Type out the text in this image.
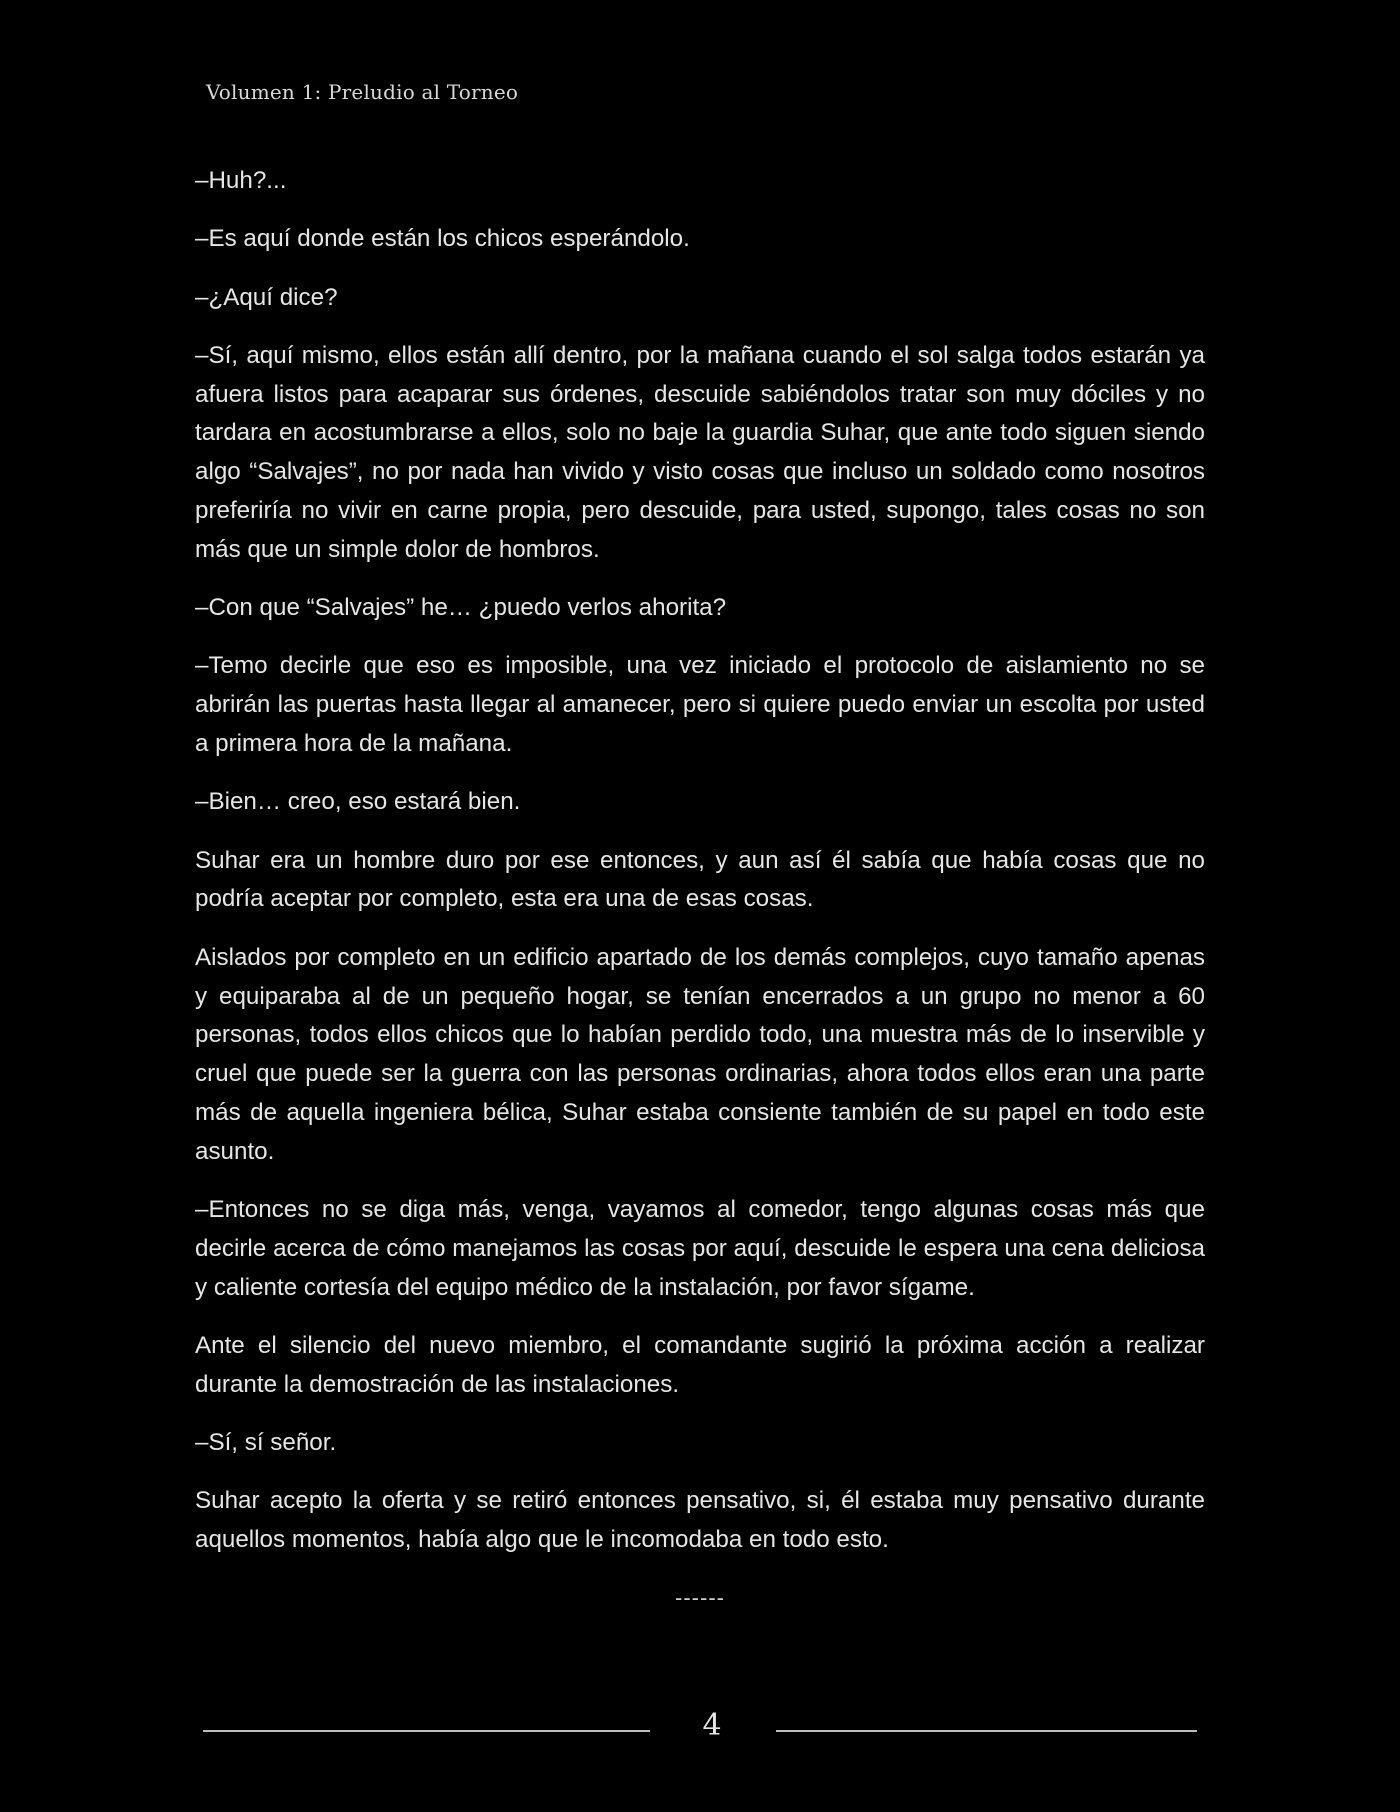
Volumen 1: Preludio al Torneo

–Huh?...

–Es aquí donde están los chicos esperándolo.

–¿Aquí dice?

–Sí, aquí mismo, ellos están allí dentro, por la mañana cuando el sol salga todos estarán ya afuera listos para acaparar sus órdenes, descuide sabiéndolos tratar son muy dóciles y no tardara en acostumbrarse a ellos, solo no baje la guardia Suhar, que ante todo siguen siendo algo “Salvajes”, no por nada han vivido y visto cosas que incluso un soldado como nosotros preferiría no vivir en carne propia, pero descuide, para usted, supongo, tales cosas no son más que un simple dolor de hombros.

–Con que “Salvajes” he… ¿puedo verlos ahorita?

–Temo decirle que eso es imposible, una vez iniciado el protocolo de aislamiento no se abrirán las puertas hasta llegar al amanecer, pero si quiere puedo enviar un escolta por usted a primera hora de la mañana.

–Bien… creo, eso estará bien.

Suhar era un hombre duro por ese entonces, y aun así él sabía que había cosas que no podría aceptar por completo, esta era una de esas cosas.

Aislados por completo en un edificio apartado de los demás complejos, cuyo tamaño apenas y equiparaba al de un pequeño hogar, se tenían encerrados a un grupo no menor a 60 personas, todos ellos chicos que lo habían perdido todo, una muestra más de lo inservible y cruel que puede ser la guerra con las personas ordinarias, ahora todos ellos eran una parte más de aquella ingeniera bélica, Suhar estaba consiente también de su papel en todo este asunto.

–Entonces no se diga más, venga, vayamos al comedor, tengo algunas cosas más que decirle acerca de cómo manejamos las cosas por aquí, descuide le espera una cena deliciosa y caliente cortesía del equipo médico de la instalación, por favor sígame.

Ante el silencio del nuevo miembro, el comandante sugirió la próxima acción a realizar durante la demostración de las instalaciones.

–Sí, sí señor.

Suhar acepto la oferta y se retiró entonces pensativo, si, él estaba muy pensativo durante aquellos momentos, había algo que le incomodaba en todo esto.

------
4
